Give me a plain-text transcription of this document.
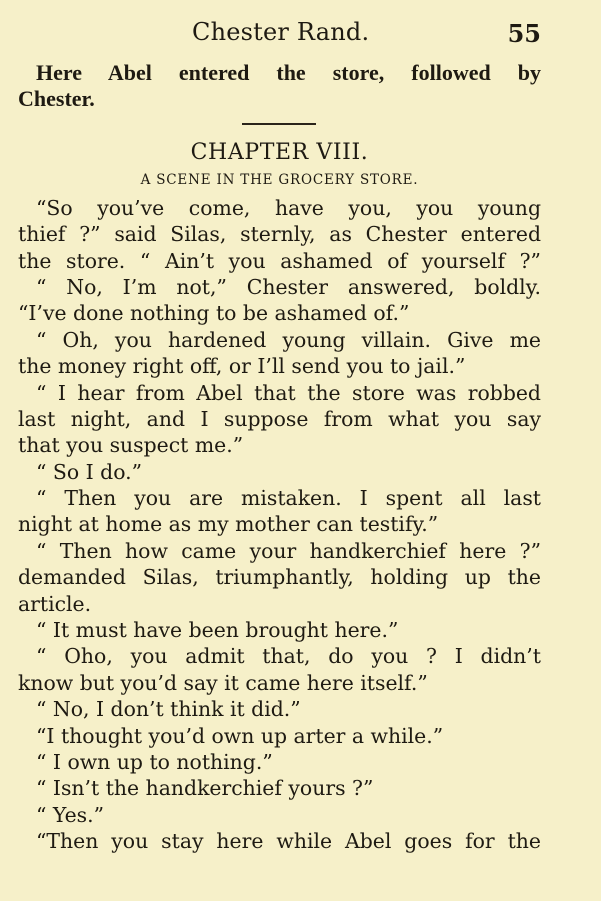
Chester Rand.	55
Here Abel entered the store, followed by
Chester.
CHAPTER VIII.
A SCENE IN THE GROCERY STORE.
“So you’ve come, have you, you young
thief ?” said Silas, sternly, as Chester entered
the store. “ Ain’t you ashamed of yourself ?”
“ No, I’m not,” Chester answered, boldly.
“I’ve done nothing to be ashamed of.”
“ Oh, you hardened young villain. Give me
the money right off, or I’ll send you to jail.”
“ I hear from Abel that the store was robbed
last night, and I suppose from what you say
that you suspect me.”
“ So I do.”
“ Then you are mistaken. I spent all last
night at home as my mother can testify.”
“ Then how came your handkerchief here ?”
demanded Silas, triumphantly, holding up the
article.
“ It must have been brought here.”
“ Oho, you admit that, do you ? I didn’t
know but you’d say it came here itself.”
“ No, I don’t think it did.”
“I thought you’d own up arter a while.”
“ I own up to nothing.”
“ Isn’t the handkerchief yours ?”
“ Yes.”
“Then you stay here while Abel goes for the
